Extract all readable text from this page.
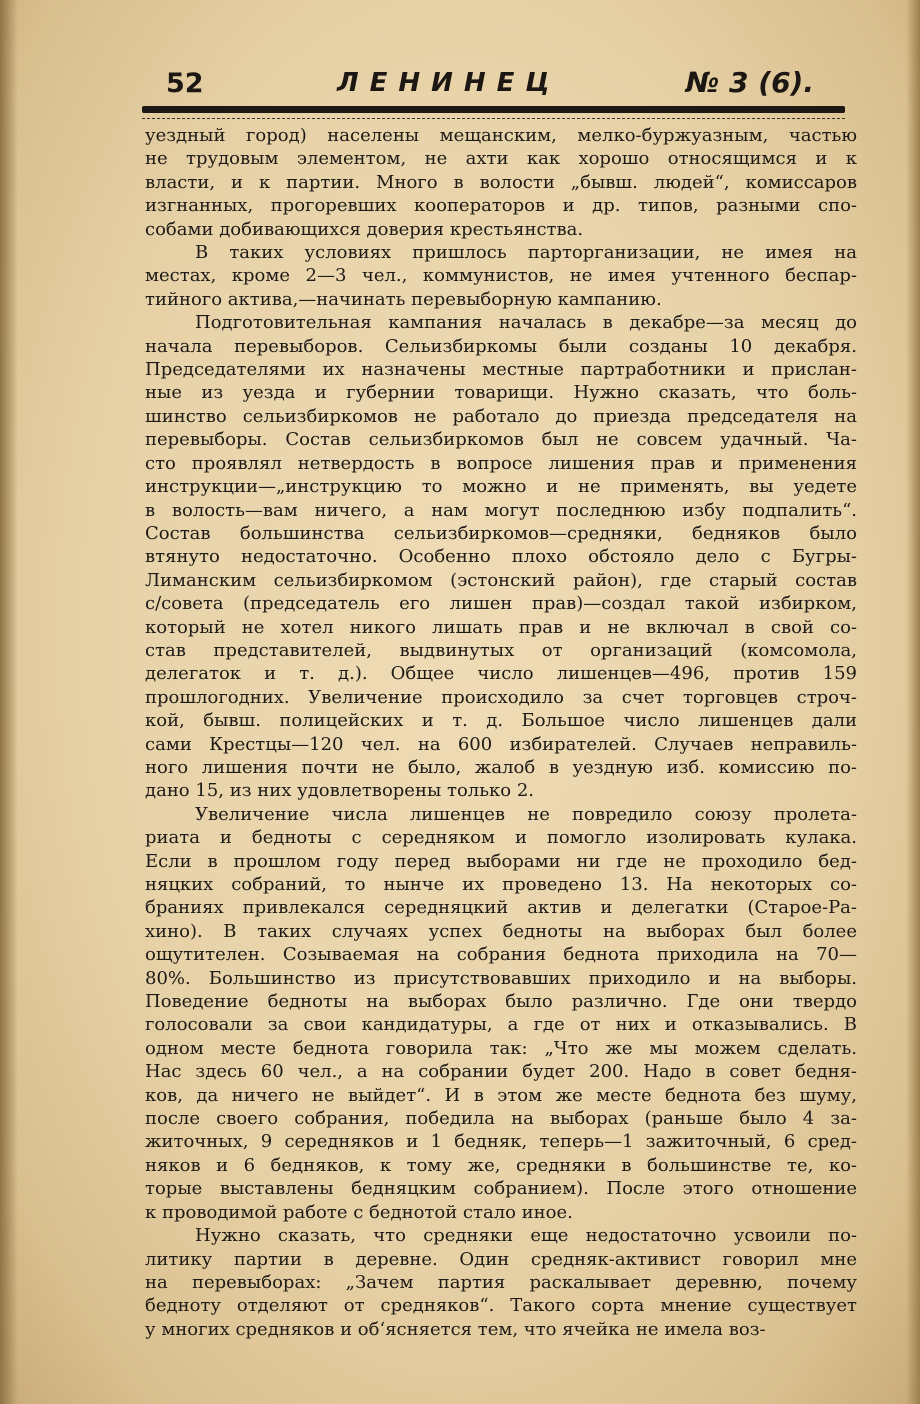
52	ЛЕНИНЕЦ	№ 3 (6).
уездный город) населены мещанским, мелко-буржуазным, частью
не трудовым элементом, не ахти как хорошо относящимся и к
власти, и к партии. Много в волости „бывш. людей“, комиссаров
изгнанных, прогоревших кооператоров и др. типов, разными спо-
собами добивающихся доверия крестьянства.
В таких условиях пришлось парторганизации, не имея на
местах, кроме 2—3 чел., коммунистов, не имея учтенного беспар-
тийного актива,—начинать перевыборную кампанию.
Подготовительная кампания началась в декабре—за месяц до
начала перевыборов. Сельизбиркомы были созданы 10 декабря.
Председателями их назначены местные партработники и прислан-
ные из уезда и губернии товарищи. Нужно сказать, что боль-
шинство сельизбиркомов не работало до приезда председателя на
перевыборы. Состав сельизбиркомов был не совсем удачный. Ча-
сто проявлял нетвердость в вопросе лишения прав и применения
инструкции—„инструкцию то можно и не применять, вы уедете
в волость—вам ничего, а нам могут последнюю избу подпалить“.
Состав большинства сельизбиркомов—средняки, бедняков было
втянуто недостаточно. Особенно плохо обстояло дело с Бугры-
Лиманским сельизбиркомом (эстонский район), где старый состав
с/совета (председатель его лишен прав)—создал такой избирком,
который не хотел никого лишать прав и не включал в свой со-
став представителей, выдвинутых от организаций (комсомола,
делегаток и т. д.). Общее число лишенцев—496, против 159
прошлогодних. Увеличение происходило за счет торговцев строч-
кой, бывш. полицейских и т. д. Большое число лишенцев дали
сами Крестцы—120 чел. на 600 избирателей. Случаев неправиль-
ного лишения почти не было, жалоб в уездную изб. комиссию по-
дано 15, из них удовлетворены только 2.
Увеличение числа лишенцев не повредило союзу пролета-
риата и бедноты с середняком и помогло изолировать кулака.
Если в прошлом году перед выборами ни где не проходило бед-
няцких собраний, то нынче их проведено 13. На некоторых со-
браниях привлекался середняцкий актив и делегатки (Старое-Ра-
хино). В таких случаях успех бедноты на выборах был более
ощутителен. Созываемая на собрания беднота приходила на 70—
80%. Большинство из присутствовавших приходило и на выборы.
Поведение бедноты на выборах было различно. Где они твердо
голосовали за свои кандидатуры, а где от них и отказывались. В
одном месте беднота говорила так: „Что же мы можем сделать.
Нас здесь 60 чел., а на собрании будет 200. Надо в совет бедня-
ков, да ничего не выйдет“. И в этом же месте беднота без шуму,
после своего собрания, победила на выборах (раньше было 4 за-
житочных, 9 середняков и 1 бедняк, теперь—1 зажиточный, 6 сред-
няков и 6 бедняков, к тому же, средняки в большинстве те, ко-
торые выставлены бедняцким собранием). После этого отношение
к проводимой работе с беднотой стало иное.
Нужно сказать, что средняки еще недостаточно усвоили по-
литику партии в деревне. Один средняк-активист говорил мне
на перевыборах: „Зачем партия раскалывает деревню, почему
бедноту отделяют от средняков“. Такого сорта мнение существует
у многих средняков и об‘ясняется тем, что ячейка не имела воз-
